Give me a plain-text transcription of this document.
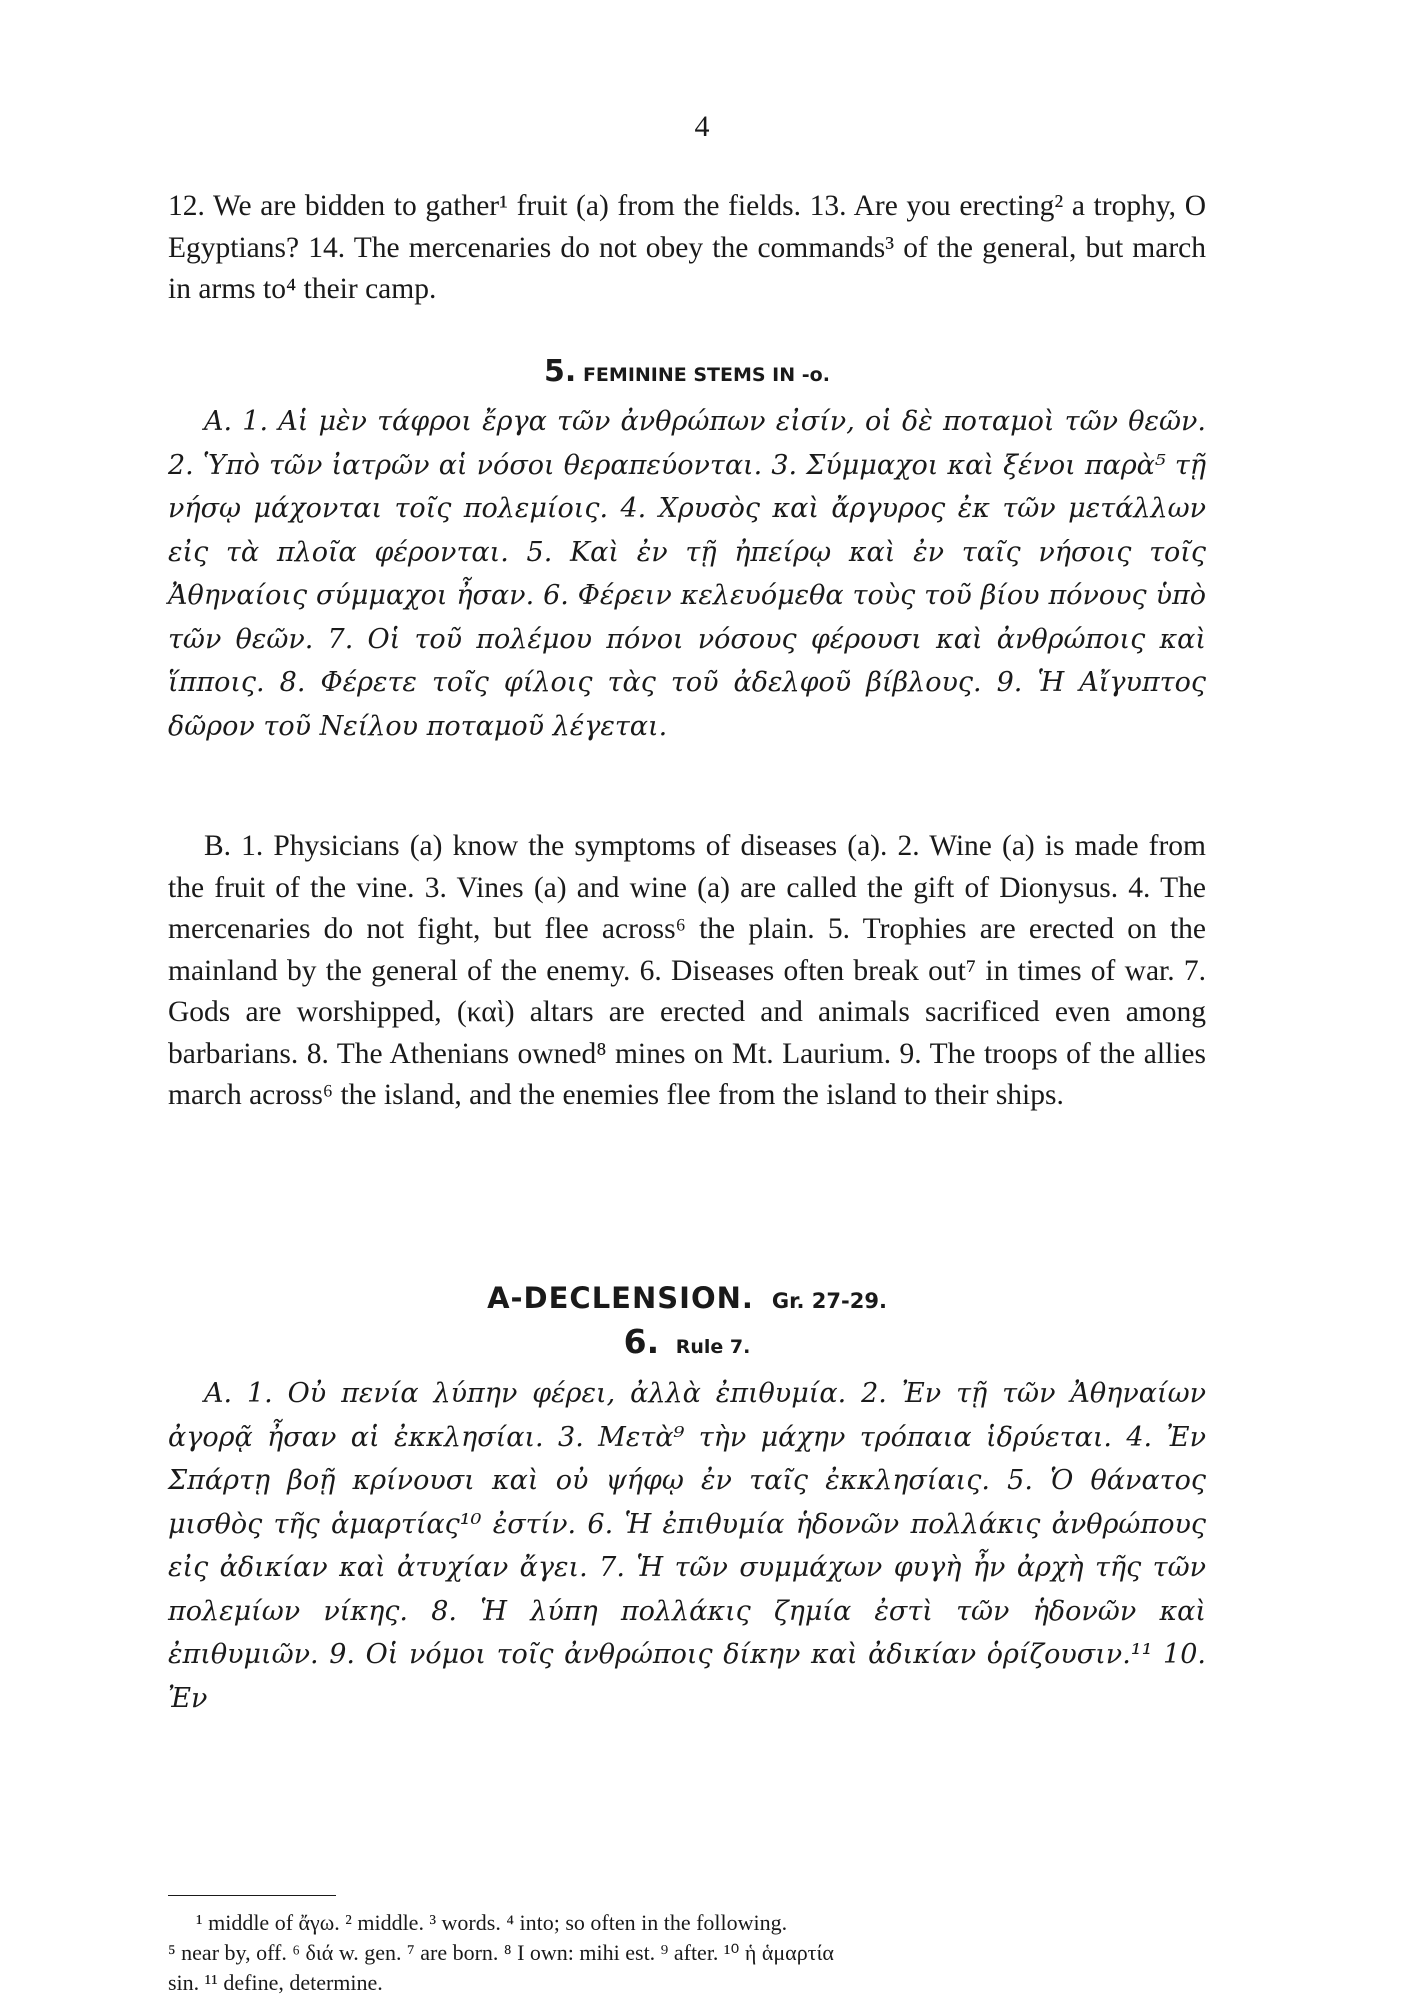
4

12. We are bidden to gather¹ fruit (a) from the fields. 13. Are you erecting² a trophy, O Egyptians? 14. The mercenaries do not obey the commands³ of the general, but march in arms to⁴ their camp.

5. FEMININE STEMS IN -o.

A. 1. Αἱ μὲν τάφροι ἔργα τῶν ἀνθρώπων εἰσίν, οἱ δὲ ποταμοὶ τῶν θεῶν. 2. Ὑπὸ τῶν ἰατρῶν αἱ νόσοι θεραπεύονται. 3. Σύμμαχοι καὶ ξένοι παρὰ⁵ τῇ νήσῳ μάχονται τοῖς πολεμίοις. 4. Χρυσὸς καὶ ἄργυρος ἐκ τῶν μετάλλων εἰς τὰ πλοῖα φέρονται. 5. Καὶ ἐν τῇ ἠπείρῳ καὶ ἐν ταῖς νήσοις τοῖς Ἀθηναίοις σύμμαχοι ἦσαν. 6. Φέρειν κελευόμεθα τοὺς τοῦ βίου πόνους ὑπὸ τῶν θεῶν. 7. Οἱ τοῦ πολέμου πόνοι νόσους φέρουσι καὶ ἀνθρώποις καὶ ἵπποις. 8. Φέρετε τοῖς φίλοις τὰς τοῦ ἀδελφοῦ βίβλους. 9. Ἡ Αἴγυπτος δῶρον τοῦ Νείλου ποταμοῦ λέγεται.

B. 1. Physicians (a) know the symptoms of diseases (a). 2. Wine (a) is made from the fruit of the vine. 3. Vines (a) and wine (a) are called the gift of Dionysus. 4. The mercenaries do not fight, but flee across⁶ the plain. 5. Trophies are erected on the mainland by the general of the enemy. 6. Diseases often break out⁷ in times of war. 7. Gods are worshipped, (καὶ) altars are erected and animals sacrificed even among barbarians. 8. The Athenians owned⁸ mines on Mt. Laurium. 9. The troops of the allies march across⁶ the island, and the enemies flee from the island to their ships.

A-DECLENSION. Gr. 27-29.

6. Rule 7.

A. 1. Οὐ πενία λύπην φέρει, ἀλλὰ ἐπιθυμία. 2. Ἐν τῇ τῶν Ἀθηναίων ἀγορᾷ ἦσαν αἱ ἐκκλησίαι. 3. Μετὰ⁹ τὴν μάχην τρόπαια ἱδρύεται. 4. Ἐν Σπάρτῃ βοῇ κρίνουσι καὶ οὐ ψήφῳ ἐν ταῖς ἐκκλησίαις. 5. Ὁ θάνατος μισθὸς τῆς ἁμαρτίας¹⁰ ἐστίν. 6. Ἡ ἐπιθυμία ἡδονῶν πολλάκις ἀνθρώπους εἰς ἀδικίαν καὶ ἀτυχίαν ἄγει. 7. Ἡ τῶν συμμάχων φυγὴ ἦν ἀρχὴ τῆς τῶν πολεμίων νίκης. 8. Ἡ λύπη πολλάκις ζημία ἐστὶ τῶν ἡδονῶν καὶ ἐπιθυμιῶν. 9. Οἱ νόμοι τοῖς ἀνθρώποις δίκην καὶ ἀδικίαν ὁρίζουσιν.¹¹ 10. Ἐν

¹ middle of ἄγω. ² middle. ³ words. ⁴ into; so often in the following.

⁵ near by, off. ⁶ διά w. gen. ⁷ are born. ⁸ I own: mihi est. ⁹ after. ¹⁰ ἡ ἁμαρτία

sin. ¹¹ define, determine.
